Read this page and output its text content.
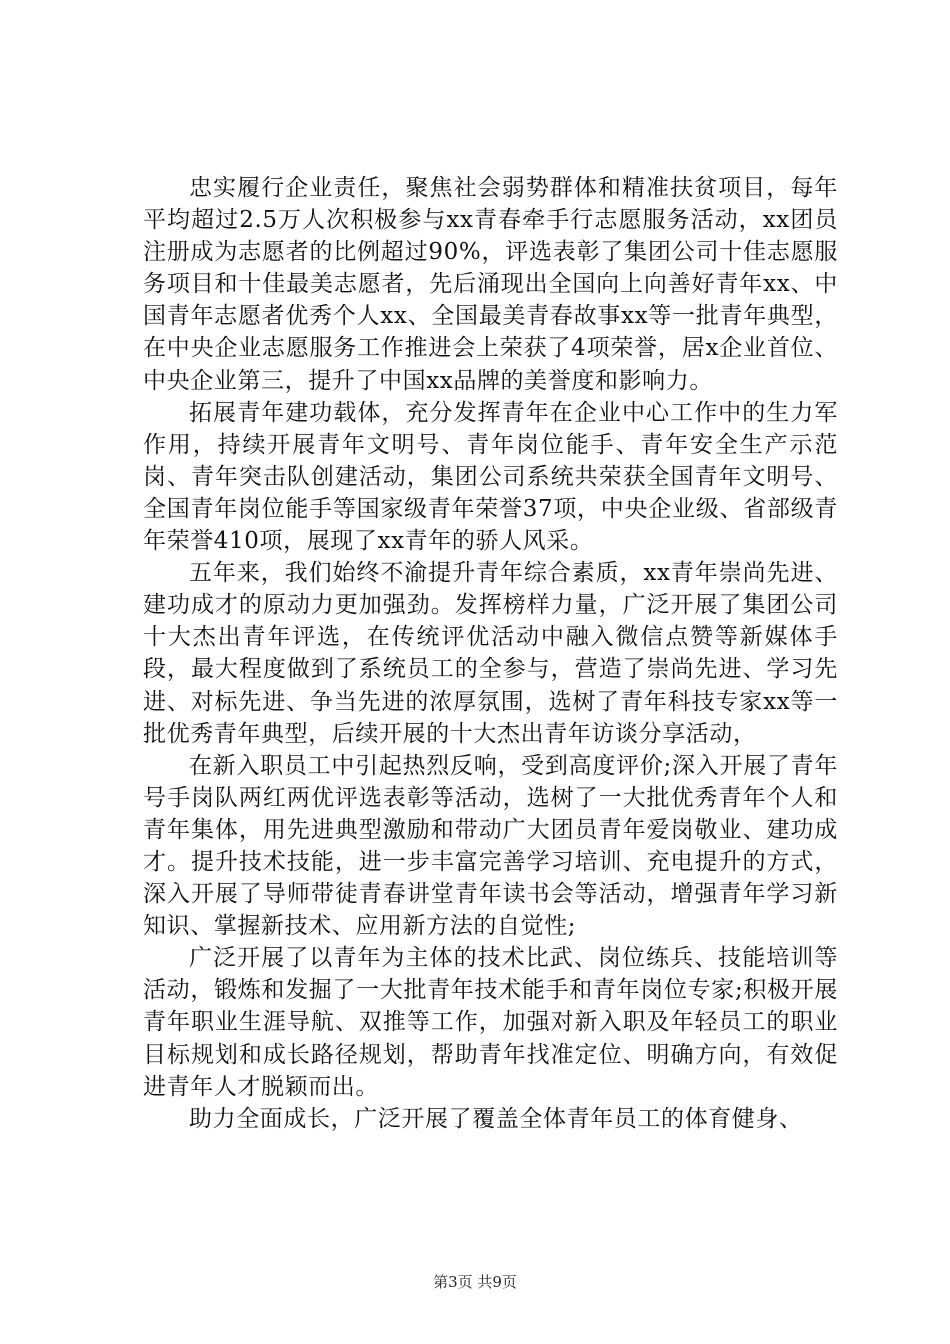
忠实履行企业责任，聚焦社会弱势群体和精准扶贫项目，每年平均超过2.5万人次积极参与xx青春牵手行志愿服务活动，xx团员注册成为志愿者的比例超过90%，评选表彰了集团公司十佳志愿服务项目和十佳最美志愿者，先后涌现出全国向上向善好青年xx、中国青年志愿者优秀个人xx、全国最美青春故事xx等一批青年典型，在中央企业志愿服务工作推进会上荣获了4项荣誉，居x企业首位、中央企业第三，提升了中国xx品牌的美誉度和影响力。

拓展青年建功载体，充分发挥青年在企业中心工作中的生力军作用，持续开展青年文明号、青年岗位能手、青年安全生产示范岗、青年突击队创建活动，集团公司系统共荣获全国青年文明号、全国青年岗位能手等国家级青年荣誉37项，中央企业级、省部级青年荣誉410项，展现了xx青年的骄人风采。

五年来，我们始终不渝提升青年综合素质，xx青年崇尚先进、建功成才的原动力更加强劲。发挥榜样力量，广泛开展了集团公司十大杰出青年评选，在传统评优活动中融入微信点赞等新媒体手段，最大程度做到了系统员工的全参与，营造了崇尚先进、学习先进、对标先进、争当先进的浓厚氛围，选树了青年科技专家xx等一批优秀青年典型，后续开展的十大杰出青年访谈分享活动，

在新入职员工中引起热烈反响，受到高度评价;深入开展了青年号手岗队两红两优评选表彰等活动，选树了一大批优秀青年个人和青年集体，用先进典型激励和带动广大团员青年爱岗敬业、建功成才。提升技术技能，进一步丰富完善学习培训、充电提升的方式，深入开展了导师带徒青春讲堂青年读书会等活动，增强青年学习新知识、掌握新技术、应用新方法的自觉性;

广泛开展了以青年为主体的技术比武、岗位练兵、技能培训等活动，锻炼和发掘了一大批青年技术能手和青年岗位专家;积极开展青年职业生涯导航、双推等工作，加强对新入职及年轻员工的职业目标规划和成长路径规划，帮助青年找准定位、明确方向，有效促进青年人才脱颖而出。

助力全面成长，广泛开展了覆盖全体青年员工的体育健身、

第3页 共9页
